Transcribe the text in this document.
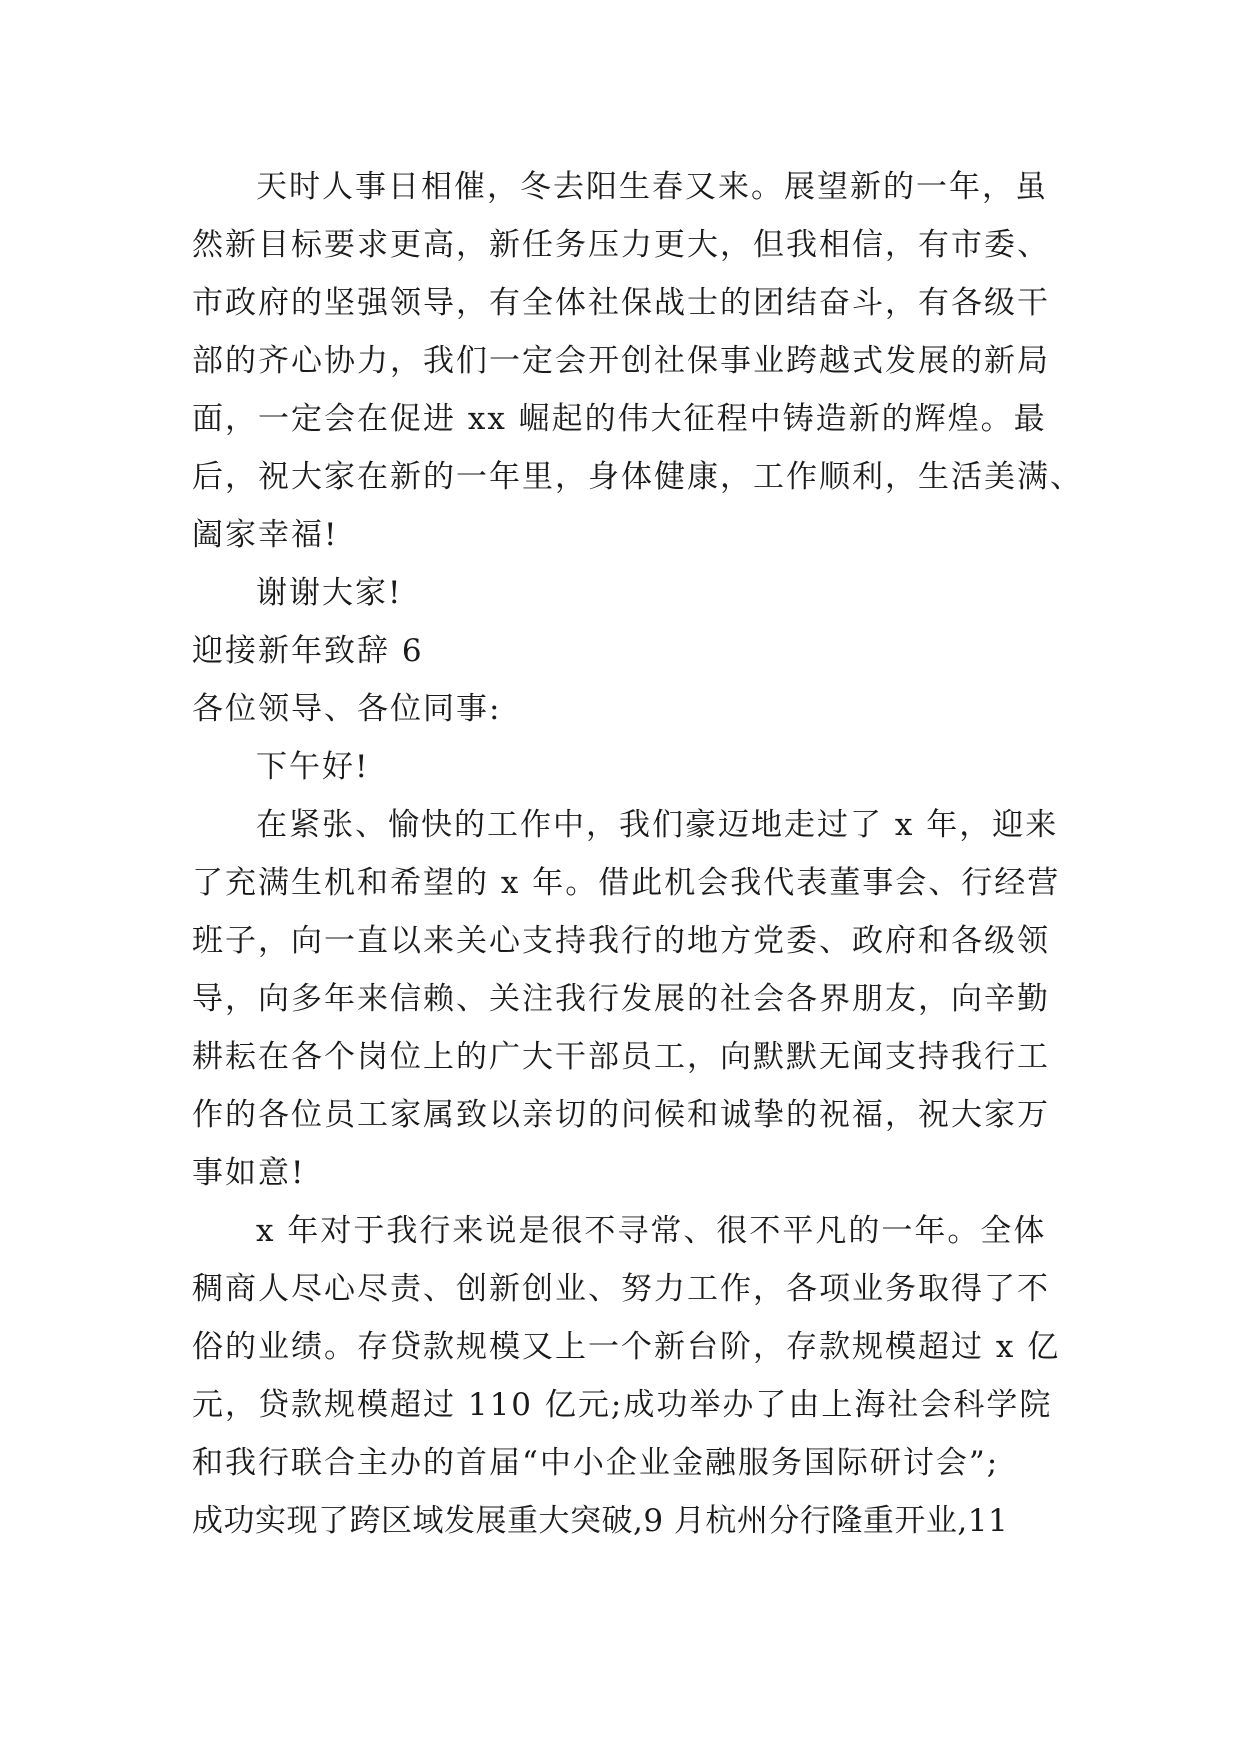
天时人事日相催，冬去阳生春又来。展望新的一年，虽
然新目标要求更高，新任务压力更大，但我相信，有市委、
市政府的坚强领导，有全体社保战士的团结奋斗，有各级干
部的齐心协力，我们一定会开创社保事业跨越式发展的新局
面，一定会在促进 xx 崛起的伟大征程中铸造新的辉煌。最
后，祝大家在新的一年里，身体健康，工作顺利，生活美满、
阖家幸福!
谢谢大家!
迎接新年致辞 6
各位领导、各位同事:
下午好!
在紧张、愉快的工作中，我们豪迈地走过了 x 年，迎来
了充满生机和希望的 x 年。借此机会我代表董事会、行经营
班子，向一直以来关心支持我行的地方党委、政府和各级领
导，向多年来信赖、关注我行发展的社会各界朋友，向辛勤
耕耘在各个岗位上的广大干部员工，向默默无闻支持我行工
作的各位员工家属致以亲切的问候和诚挚的祝福，祝大家万
事如意!
x 年对于我行来说是很不寻常、很不平凡的一年。全体
稠商人尽心尽责、创新创业、努力工作，各项业务取得了不
俗的业绩。存贷款规模又上一个新台阶，存款规模超过 x 亿
元，贷款规模超过 110 亿元;成功举办了由上海社会科学院
和我行联合主办的首届“中小企业金融服务国际研讨会”;
成功实现了跨区域发展重大突破,9 月杭州分行隆重开业,11
